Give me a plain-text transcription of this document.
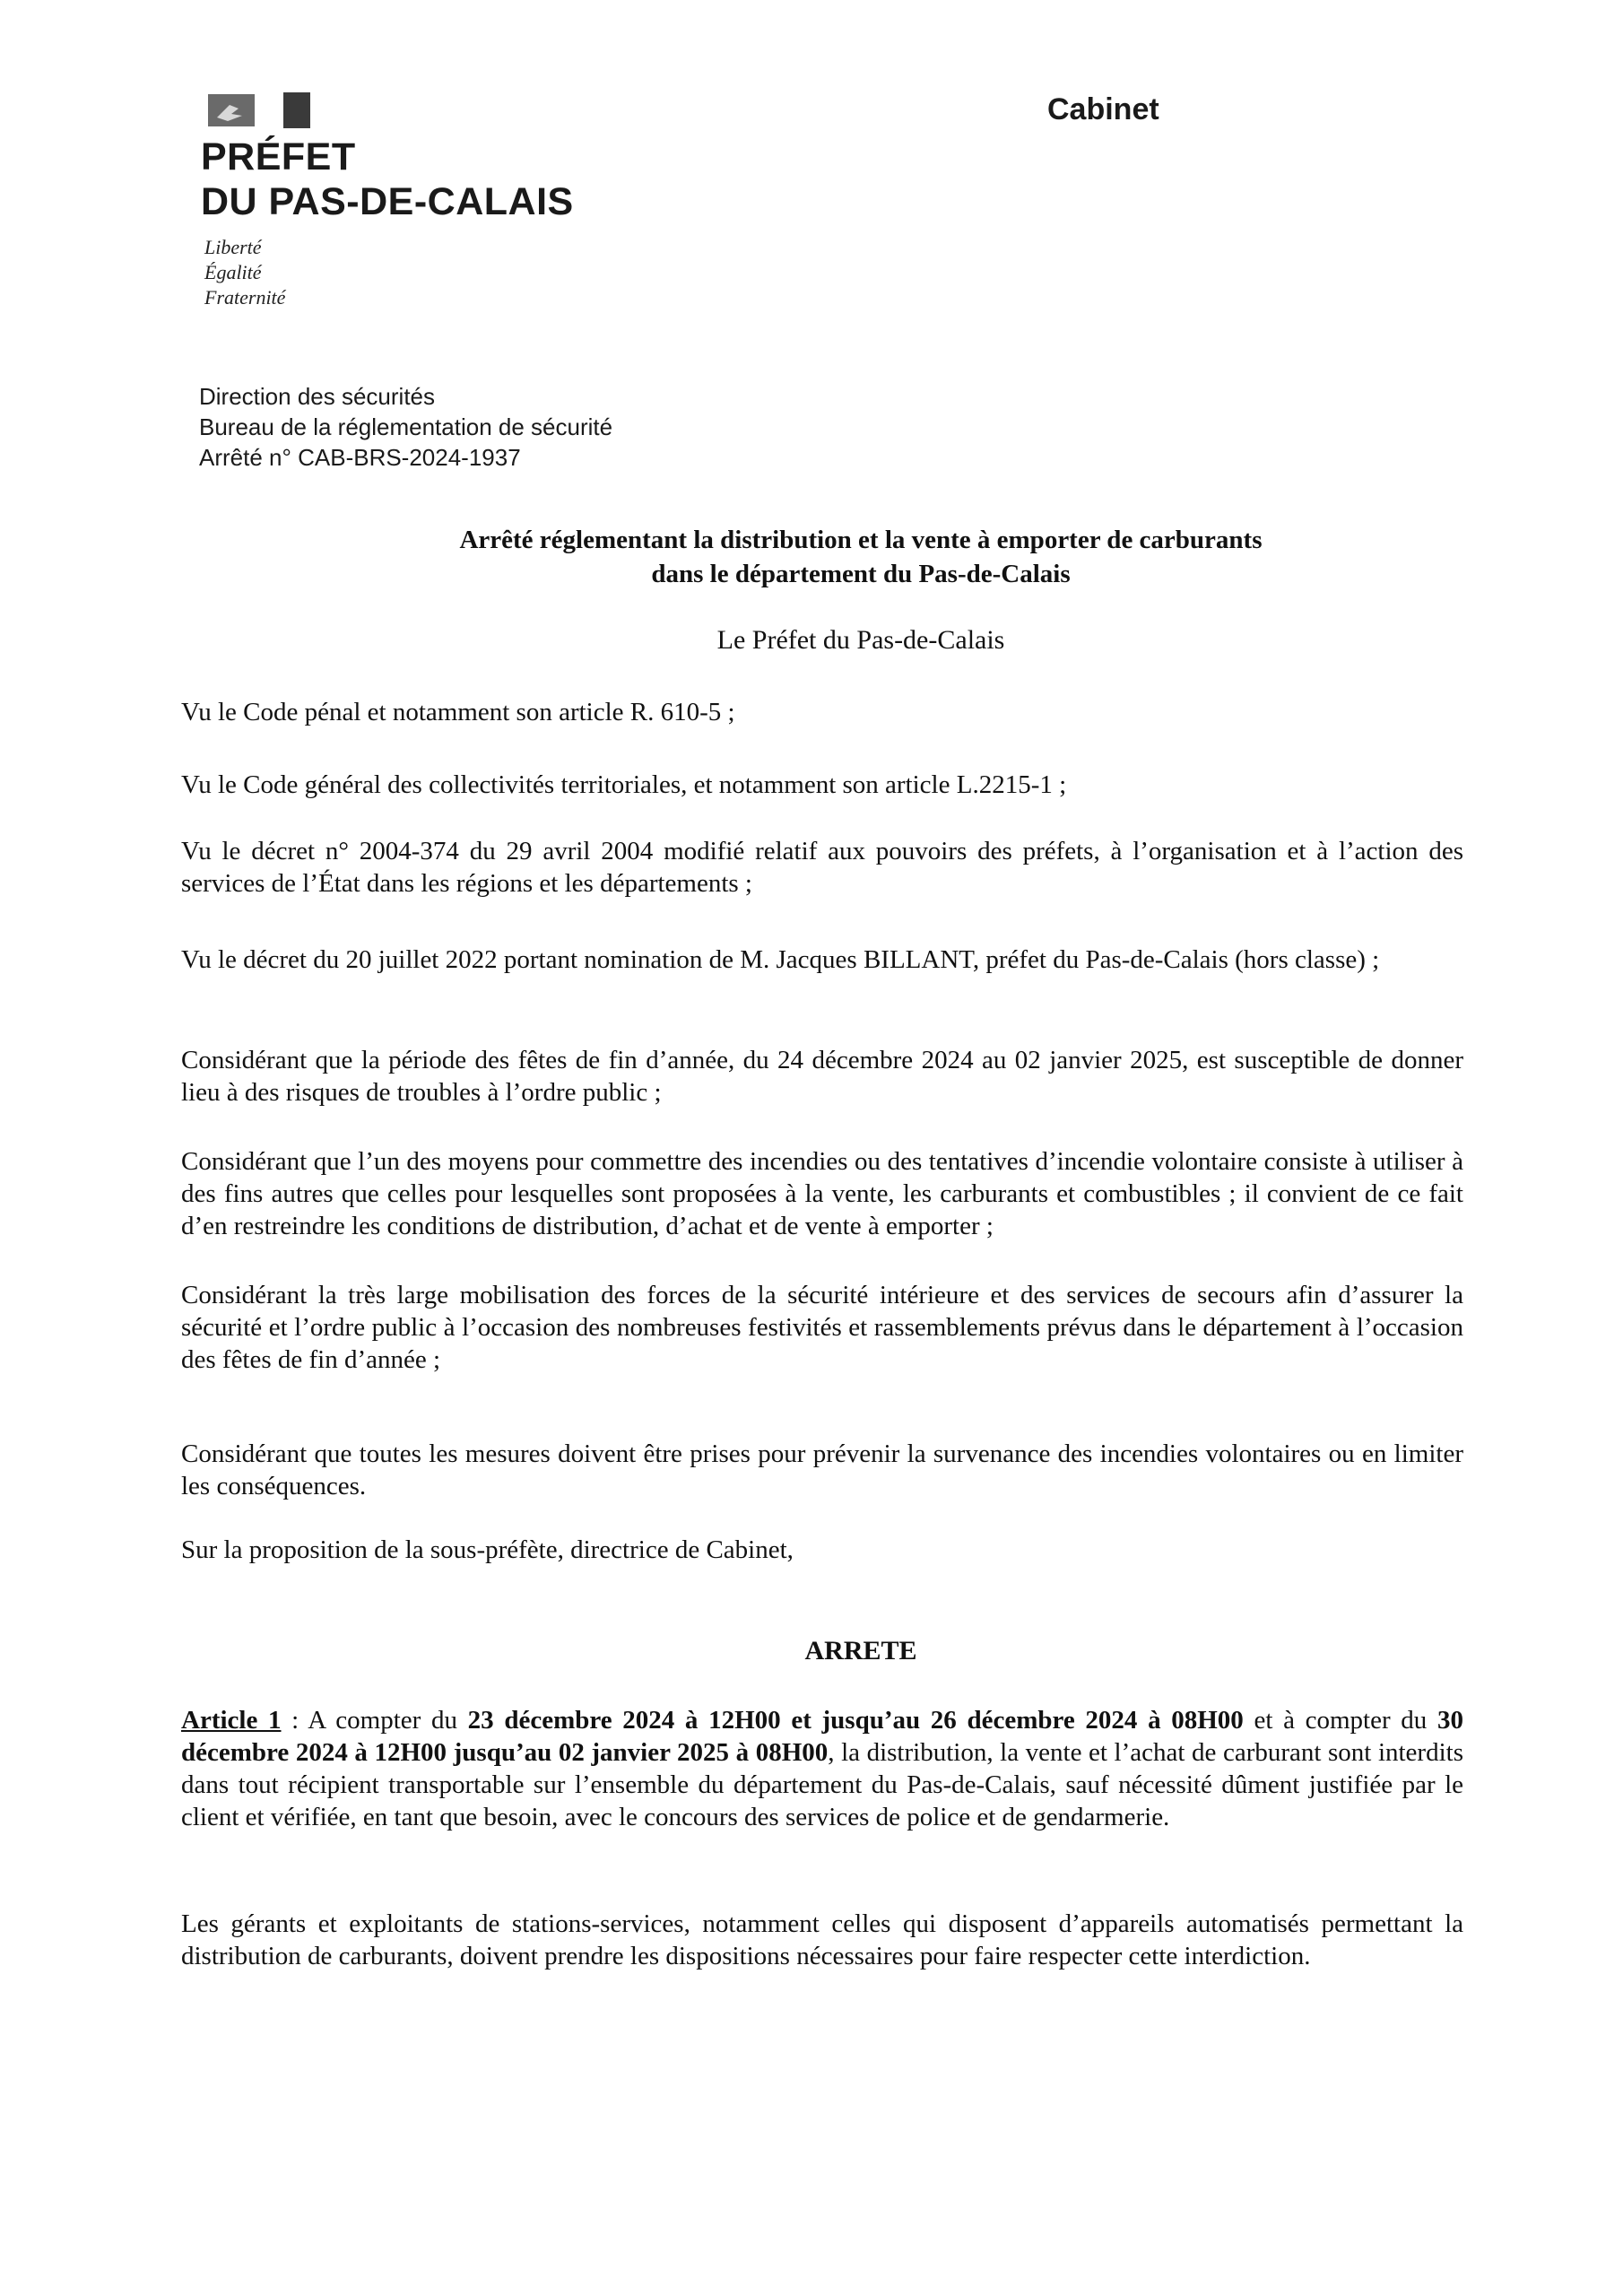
PRÉFET
DU PAS-DE-CALAIS
Liberté
Égalité
Fraternité
Cabinet
Direction des sécurités
Bureau de la réglementation de sécurité
Arrêté n° CAB-BRS-2024-1937
Arrêté réglementant la distribution et la vente à emporter de carburants
dans le département du Pas-de-Calais
Le Préfet du Pas-de-Calais

Vu le Code pénal et notamment son article R. 610-5 ;

Vu le Code général des collectivités territoriales, et notamment son article L.2215-1 ;

Vu le décret n° 2004-374 du 29 avril 2004 modifié relatif aux pouvoirs des préfets, à l’organisation et à l’action des services de l’État dans les régions et les départements ;

Vu le décret du 20 juillet 2022 portant nomination de M. Jacques BILLANT, préfet du Pas-de-Calais (hors classe) ;

Considérant que la période des fêtes de fin d’année, du 24 décembre 2024 au 02 janvier 2025, est susceptible de donner lieu à des risques de troubles à l’ordre public ;

Considérant que l’un des moyens pour commettre des incendies ou des tentatives d’incendie volontaire consiste à utiliser à des fins autres que celles pour lesquelles sont proposées à la vente, les carburants et combustibles ; il convient de ce fait d’en restreindre les conditions de distribution, d’achat et de vente à emporter ;

Considérant la très large mobilisation des forces de la sécurité intérieure et des services de secours afin d’assurer la sécurité et l’ordre public à l’occasion des nombreuses festivités et rassemblements prévus dans le département à l’occasion des fêtes de fin d’année ;

Considérant que toutes les mesures doivent être prises pour prévenir la survenance des incendies volontaires ou en limiter les conséquences.

Sur la proposition de la sous-préfète, directrice de Cabinet,

ARRETE

Article 1 : A compter du 23 décembre 2024 à 12H00 et jusqu’au 26 décembre 2024 à 08H00 et à compter du 30 décembre 2024 à 12H00 jusqu’au 02 janvier 2025 à 08H00, la distribution, la vente et l’achat de carburant sont interdits dans tout récipient transportable sur l’ensemble du département du Pas-de-Calais, sauf nécessité dûment justifiée par le client et vérifiée, en tant que besoin, avec le concours des services de police et de gendarmerie.

Les gérants et exploitants de stations-services, notamment celles qui disposent d’appareils automatisés permettant la distribution de carburants, doivent prendre les dispositions nécessaires pour faire respecter cette interdiction.
